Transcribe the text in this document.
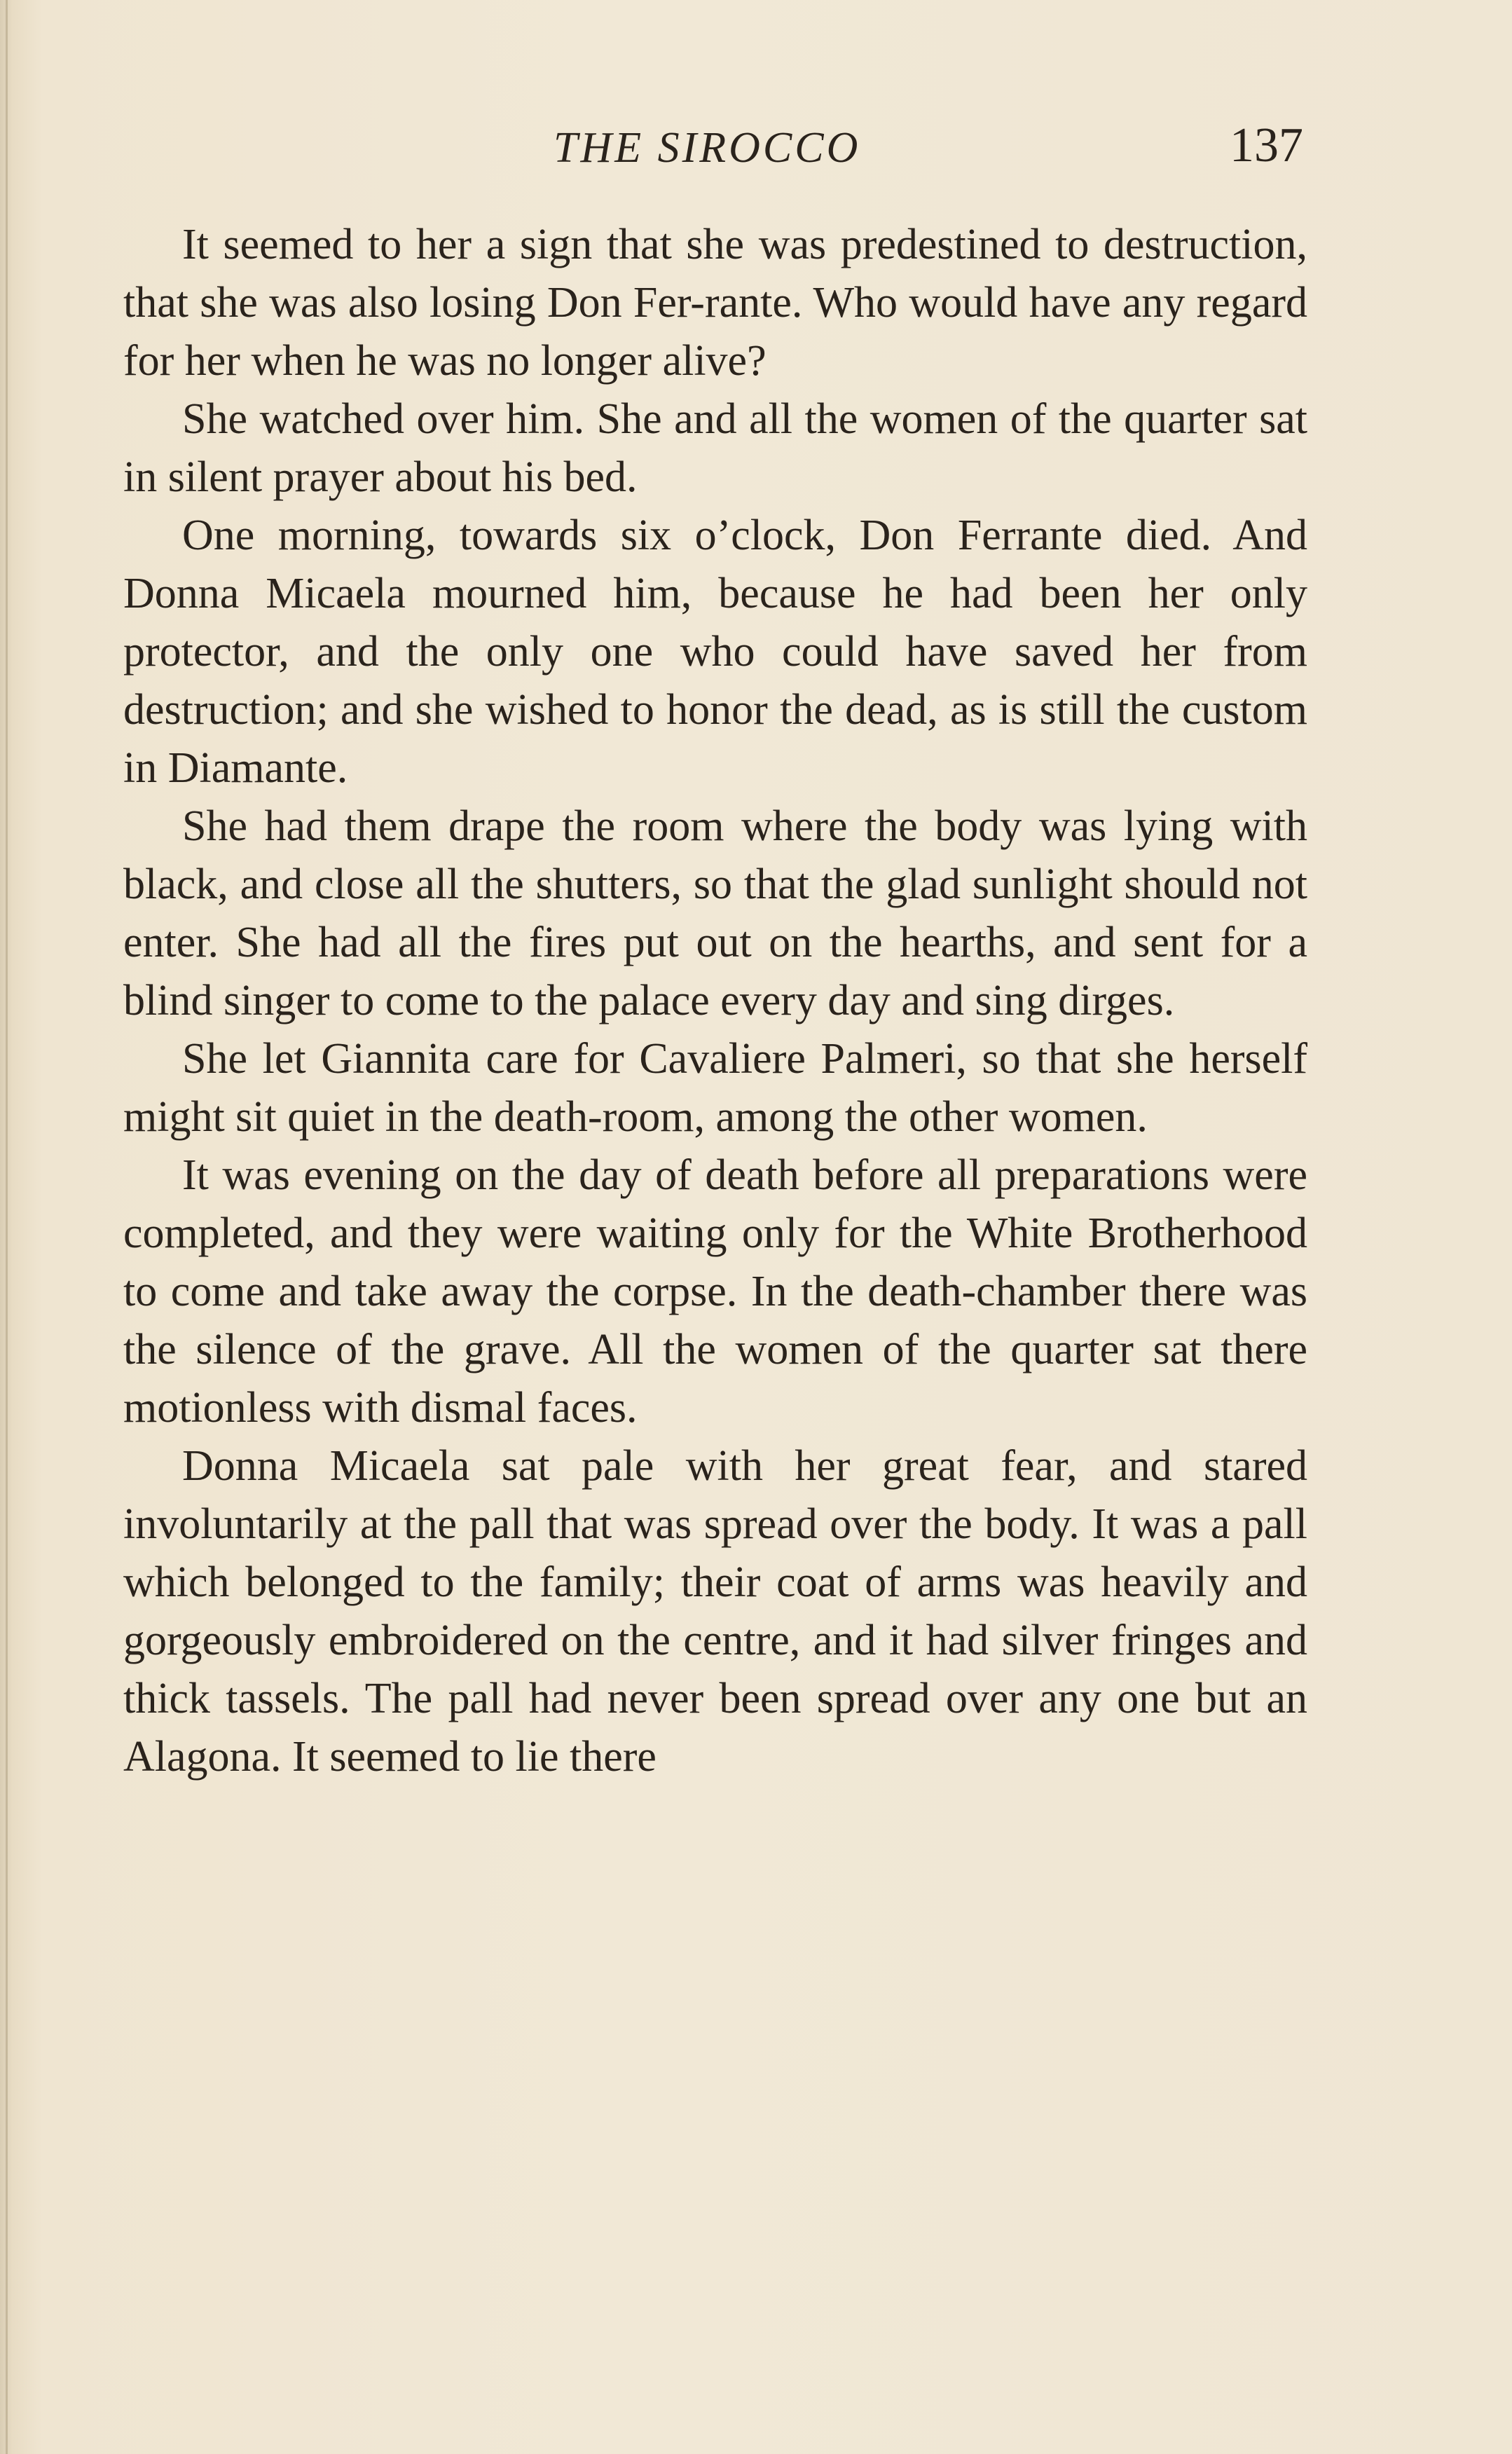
THE SIROCCO	137

It seemed to her a sign that she was predestined to destruction, that she was also losing Don Fer-rante. Who would have any regard for her when he was no longer alive?

She watched over him. She and all the women of the quarter sat in silent prayer about his bed.

One morning, towards six o’clock, Don Ferrante died. And Donna Micaela mourned him, because he had been her only protector, and the only one who could have saved her from destruction; and she wished to honor the dead, as is still the custom in Diamante.

She had them drape the room where the body was lying with black, and close all the shutters, so that the glad sunlight should not enter. She had all the fires put out on the hearths, and sent for a blind singer to come to the palace every day and sing dirges.

She let Giannita care for Cavaliere Palmeri, so that she herself might sit quiet in the death-room, among the other women.

It was evening on the day of death before all preparations were completed, and they were waiting only for the White Brotherhood to come and take away the corpse. In the death-chamber there was the silence of the grave. All the women of the quarter sat there motionless with dismal faces.

Donna Micaela sat pale with her great fear, and stared involuntarily at the pall that was spread over the body. It was a pall which belonged to the family; their coat of arms was heavily and gorgeously embroidered on the centre, and it had silver fringes and thick tassels. The pall had never been spread over any one but an Alagona. It seemed to lie there
